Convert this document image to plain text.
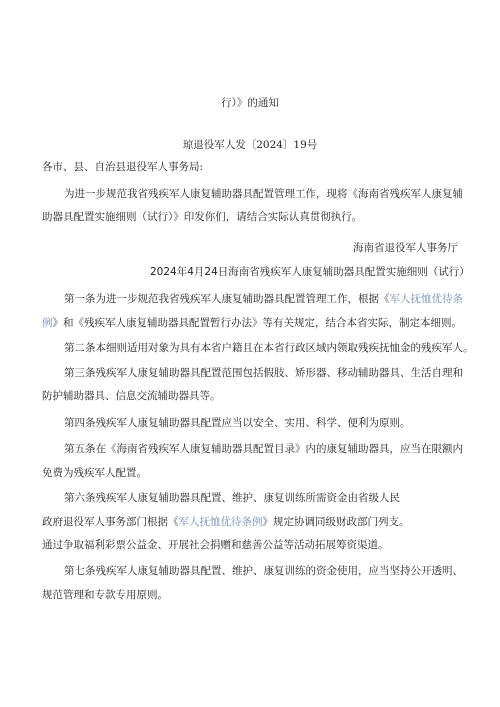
行）》的通知
琼退役军人发〔2024〕19号
各市、县、自治县退役军人事务局:
为进一步规范我省残疾军人康复辅助器具配置管理工作，现将《海南省残疾军人康复辅
助器具配置实施细则（试行）》印发你们，请结合实际认真贯彻执行。
海南省退役军人事务厅
2024年4月24日海南省残疾军人康复辅助器具配置实施细则（试行）
第一条为进一步规范我省残疾军人康复辅助器具配置管理工作，根据《军人抚恤优待条
例》和《残疾军人康复辅助器具配置暂行办法》等有关规定，结合本省实际，制定本细则。
第二条本细则适用对象为具有本省户籍且在本省行政区域内领取残疾抚恤金的残疾军人。
第三条残疾军人康复辅助器具配置范围包括假肢、矫形器、移动辅助器具、生活自理和
防护辅助器具、信息交流辅助器具等。
第四条残疾军人康复辅助器具配置应当以安全、实用、科学、便利为原则。
第五条在《海南省残疾军人康复辅助器具配置目录》内的康复辅助器具，应当在限额内
免费为残疾军人配置。
第六条残疾军人康复辅助器具配置、维护、康复训练所需资金由省级人民
政府退役军人事务部门根据《军人抚恤优待条例》规定协调同级财政部门列支。
通过争取福利彩票公益金、开展社会捐赠和慈善公益等活动拓展筹资渠道。
第七条残疾军人康复辅助器具配置、维护、康复训练的资金使用，应当坚持公开透明、
规范管理和专款专用原则。
